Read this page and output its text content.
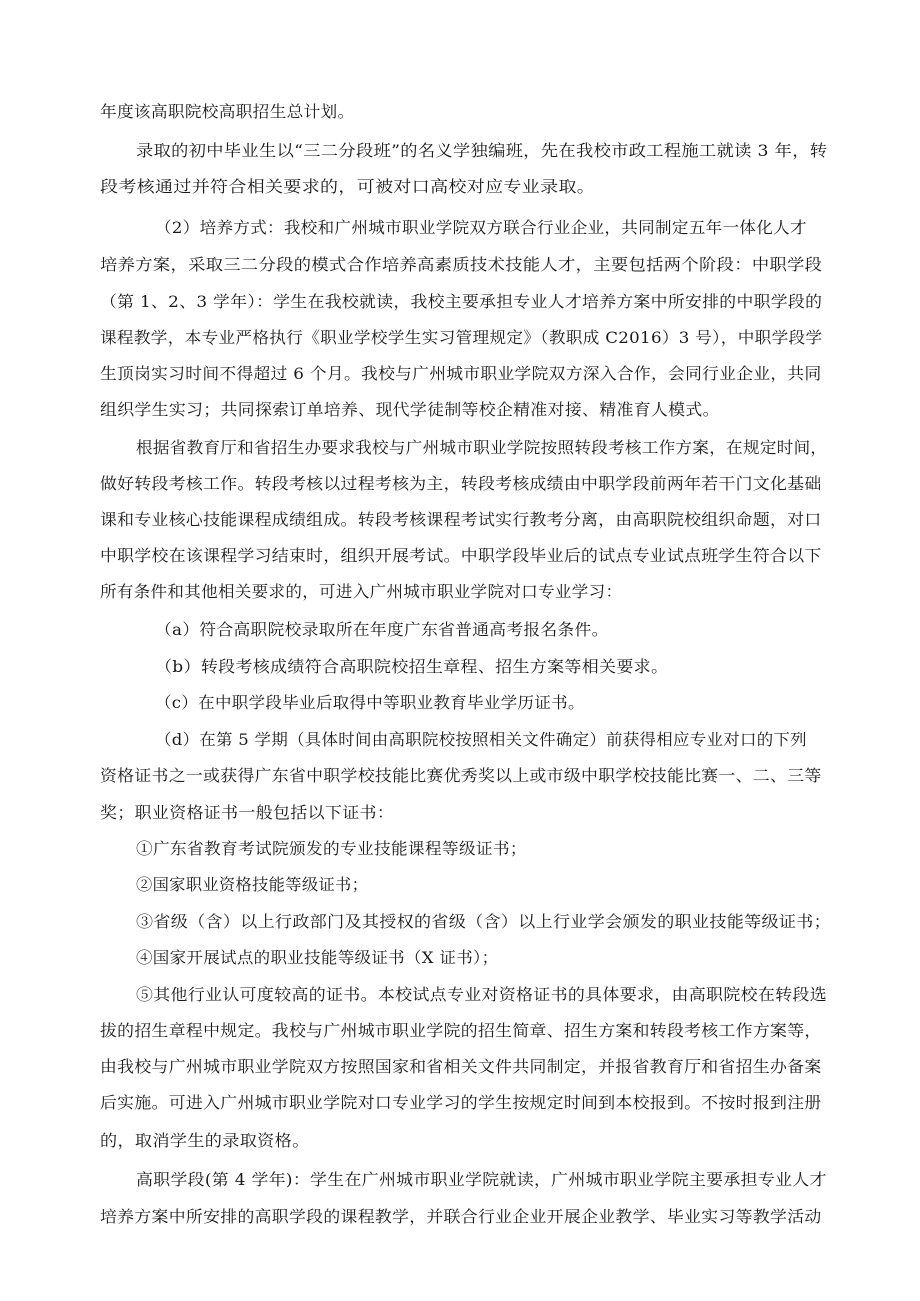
年度该高职院校高职招生总计划。
录取的初中毕业生以“三二分段班”的名义学独编班，先在我校市政工程施工就读 3 年，转
段考核通过并符合相关要求的，可被对口高校对应专业录取。
（2）培养方式：我校和广州城市职业学院双方联合行业企业，共同制定五年一体化人才
培养方案，采取三二分段的模式合作培养高素质技术技能人才，主要包括两个阶段：中职学段
（第 1、2、3 学年）：学生在我校就读，我校主要承担专业人才培养方案中所安排的中职学段的
课程教学，本专业严格执行《职业学校学生实习管理规定》（教职成 C2016）3 号），中职学段学
生顶岗实习时间不得超过 6 个月。我校与广州城市职业学院双方深入合作，会同行业企业，共同
组织学生实习；共同探索订单培养、现代学徒制等校企精准对接、精准育人模式。
根据省教育厅和省招生办要求我校与广州城市职业学院按照转段考核工作方案，在规定时间，
做好转段考核工作。转段考核以过程考核为主，转段考核成绩由中职学段前两年若干门文化基础
课和专业核心技能课程成绩组成。转段考核课程考试实行教考分离，由高职院校组织命题，对口
中职学校在该课程学习结束时，组织开展考试。中职学段毕业后的试点专业试点班学生符合以下
所有条件和其他相关要求的，可进入广州城市职业学院对口专业学习：
（a）符合高职院校录取所在年度广东省普通高考报名条件。
（b）转段考核成绩符合高职院校招生章程、招生方案等相关要求。
（c）在中职学段毕业后取得中等职业教育毕业学历证书。
（d）在第 5 学期（具体时间由高职院校按照相关文件确定）前获得相应专业对口的下列
资格证书之一或获得广东省中职学校技能比赛优秀奖以上或市级中职学校技能比赛一、二、三等
奖；职业资格证书一般包括以下证书：
①广东省教育考试院颁发的专业技能课程等级证书；
②国家职业资格技能等级证书；
③省级（含）以上行政部门及其授权的省级（含）以上行业学会颁发的职业技能等级证书；
④国家开展试点的职业技能等级证书（X 证书）；
⑤其他行业认可度较高的证书。本校试点专业对资格证书的具体要求，由高职院校在转段选
拔的招生章程中规定。我校与广州城市职业学院的招生简章、招生方案和转段考核工作方案等，
由我校与广州城市职业学院双方按照国家和省相关文件共同制定，并报省教育厅和省招生办备案
后实施。可进入广州城市职业学院对口专业学习的学生按规定时间到本校报到。不按时报到注册
的，取消学生的录取资格。
高职学段(第 4 学年)：学生在广州城市职业学院就读，广州城市职业学院主要承担专业人才
培养方案中所安排的高职学段的课程教学，并联合行业企业开展企业教学、毕业实习等教学活动
